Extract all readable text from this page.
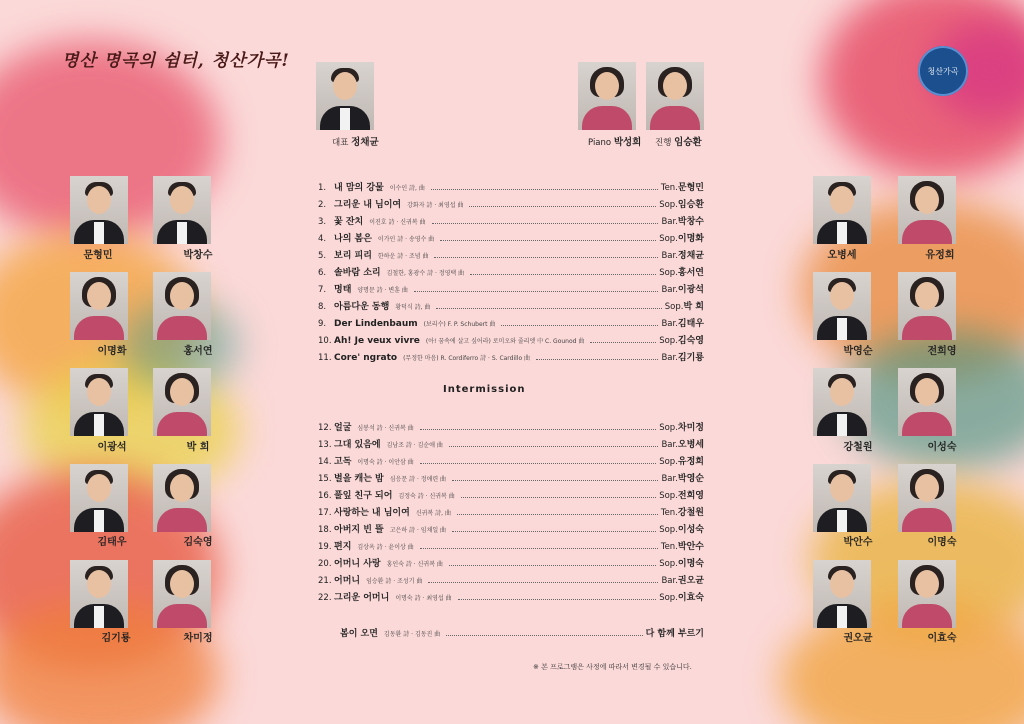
명산 명곡의 쉼터, 청산가곡!	청산가곡
대표 정채균	Piano 박성희 진행 임승환
문형민	박창수
이명화	홍서연
이광석	박 희
김태우	김숙영
김기룡	차미정
오병세	유정희
박영순	전희영
강철원	이성숙
박안수	이명숙
권오균	이효숙
1. 내 맘의 강물 이수인 詩, 曲	Ten.문형민
2. 그리운 내 님이여 강화자 詩 · 최영섭 曲	Sop.임승환
3. 꽃 잔치 이진호 詩 · 신귀복 曲	Bar.박창수
4. 나의 봄은 이가인 詩 · 송영수 曲	Sop.이명화
5. 보리 피리 한하운 詩 · 조념 曲	Bar.정채균
6. 솔바람 소리 김철한, 홍광수 詩 · 정영택 曲	Sop.홍서연
7. 명태 양명문 詩 · 변훈 曲	Bar.이광석
8. 아름다운 동행 황덕식 詩, 曲	Sop.박 희
9. Der Lindenbaum (보리수) F. P. Schubert 曲	Bar.김태우
10. Ah! Je veux vivre (아! 꿈속에 살고 싶어라) 로미오와 줄리엣 中 C. Gounod 曲	Sop.김숙영
11. Core' ngrato (무정한 마음) R. Cordiferro 詩 · S. Cardillo 曲	Bar.김기룡
Intermission
12. 얼굴 심봉석 詩 · 신귀복 曲	Sop.차미정
13. 그대 있음에 김남조 詩 · 김순애 曲	Bar.오병세
14. 고독 이명숙 詩 · 이안삼 曲	Sop.유정희
15. 별을 캐는 밤 심응문 詩 · 정애련 曲	Bar.박영순
16. 풀잎 친구 되어 김정숙 詩 · 신귀복 曲	Sop.전희영
17. 사랑하는 내 님이여 신귀복 詩, 曲	Ten.강철원
18. 아버지 빈 뜰 고은하 詩 · 임채일 曲	Sop.이성숙
19. 편지 김상옥 詩 · 윤이상 曲	Ten.박안수
20. 어머니 사랑 홍인숙 詩 · 신귀복 曲	Sop.이명숙
21. 어머니 임승환 詩 · 조성기 曲	Bar.권오균
22. 그리운 어머니 이명숙 詩 · 최영섭 曲	Sop.이효숙
봄이 오면 김동환 詩 · 김동진 曲	다 함께 부르기
※ 본 프로그램은 사정에 따라서 변경될 수 있습니다.
